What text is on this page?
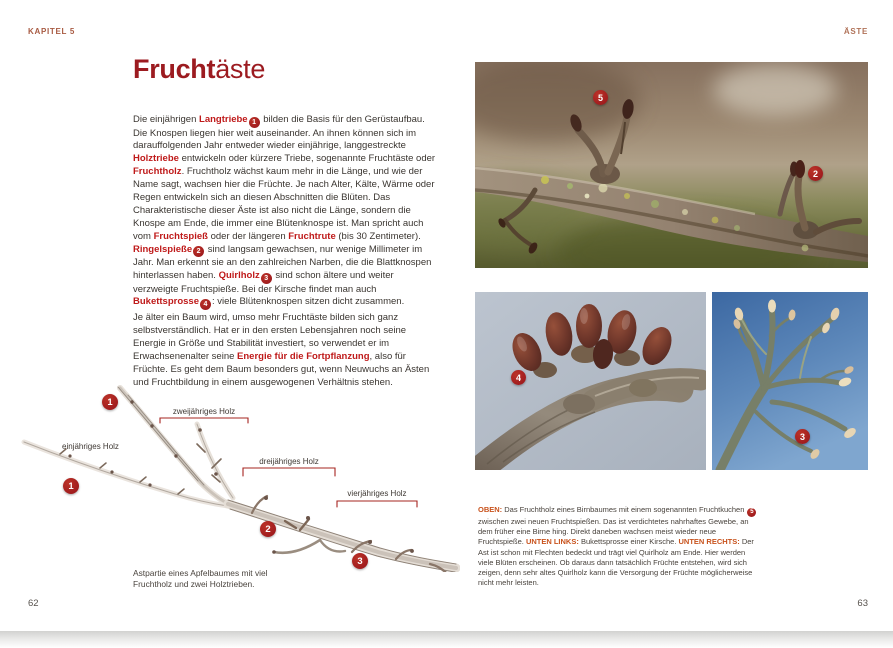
KAPITEL 5	ÄSTE
Fruchtäste
Die einjährigen Langtriebe 1 bilden die Basis für den Gerüstaufbau. Die Knospen liegen hier weit auseinander. An ihnen können sich im darauffolgenden Jahr entweder wieder einjährige, langgestreckte Holztriebe entwickeln oder kürzere Triebe, sogenannte Fruchtäste oder Fruchtholz. Fruchtholz wächst kaum mehr in die Länge, und wie der Name sagt, wachsen hier die Früchte. Je nach Alter, Kälte, Wärme oder Regen entwickeln sich an diesen Abschnitten die Blüten. Das Charakteristische dieser Äste ist also nicht die Länge, sondern die Knospe am Ende, die immer eine Blütenknospe ist. Man spricht auch vom Fruchtspieß oder der längeren Fruchtrute (bis 30 Zentimeter). Ringelspieße 2 sind langsam gewachsen, nur wenige Millimeter im Jahr. Man erkennt sie an den zahlreichen Narben, die die Blattknospen hinterlassen haben. Quirlholz 3 sind schon ältere und weiter verzweigte Fruchtspieße. Bei der Kirsche findet man auch Bukettsprosse 4 : viele Blütenknospen sitzen dicht zusammen.
Je älter ein Baum wird, umso mehr Fruchtäste bilden sich ganz selbstverständlich. Hat er in den ersten Lebensjahren noch seine Energie in Größe und Stabilität investiert, so verwendet er im Erwachsenenalter seine Energie für die Fortpflanzung, also für Früchte. Es geht dem Baum besonders gut, wenn Neuwuchs an Ästen und Fruchtbildung in einem ausgewogenen Verhältnis stehen.
einjähriges Holz
zweijähriges Holz
dreijähriges Holz
vierjähriges Holz
1
1
2
3
Astpartie eines Apfelbaumes mit viel Fruchtholz und zwei Holztrieben.
5
2
4
3
OBEN: Das Fruchtholz eines Birnbaumes mit einem sogenannten Fruchtkuchen 5 zwischen zwei neuen Fruchtspießen. Das ist verdichtetes nahrhaftes Gewebe, an dem früher eine Birne hing. Direkt daneben wachsen meist wieder neue Fruchtspieße. UNTEN LINKS: Bukettsprosse einer Kirsche. UNTEN RECHTS: Der Ast ist schon mit Flechten bedeckt und trägt viel Quirlholz am Ende. Hier werden viele Blüten erscheinen. Ob daraus dann tatsächlich Früchte entstehen, wird sich zeigen, denn sehr altes Quirlholz kann die Versorgung der Früchte möglicherweise nicht mehr leisten.
62	63
